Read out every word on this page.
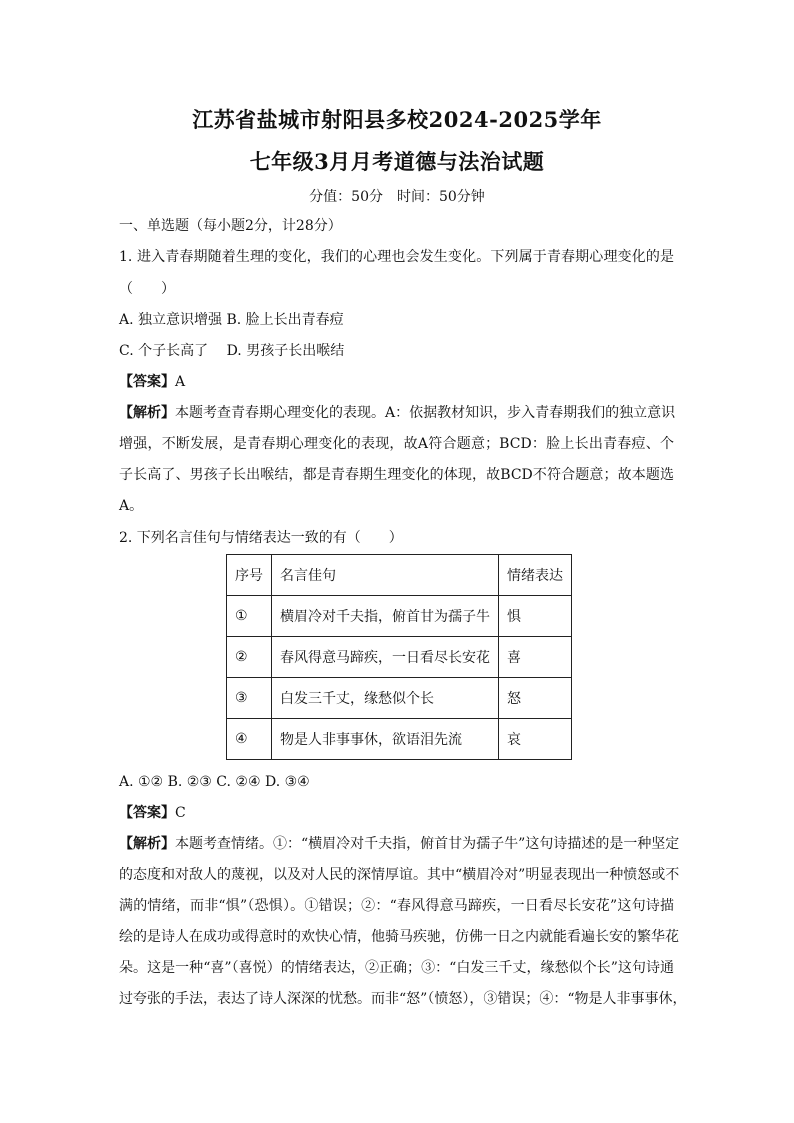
江苏省盐城市射阳县多校2024-2025学年
七年级3月月考道德与法治试题
分值：50分　时间：50分钟
一、单选题（每小题2分，计28分）
1. 进入青春期随着生理的变化，我们的心理也会发生变化。下列属于青春期心理变化的是
（　　）
A. 独立意识增强 B. 脸上长出青春痘
C. 个子长高了　 D. 男孩子长出喉结
【答案】A
【解析】本题考查青春期心理变化的表现。A：依据教材知识，步入青春期我们的独立意识
增强，不断发展，是青春期心理变化的表现，故A符合题意；BCD：脸上长出青春痘、个
子长高了、男孩子长出喉结，都是青春期生理变化的体现，故BCD不符合题意；故本题选
A。
2. 下列名言佳句与情绪表达一致的有（　　）
序号	名言佳句	情绪表达
①	横眉冷对千夫指，俯首甘为孺子牛	惧
②	春风得意马蹄疾，一日看尽长安花	喜
③	白发三千丈，缘愁似个长	怒
④	物是人非事事休，欲语泪先流	哀
A. ①② B. ②③ C. ②④ D. ③④
【答案】C
【解析】本题考查情绪。①：“横眉冷对千夫指，俯首甘为孺子牛”这句诗描述的是一种坚定
的态度和对敌人的蔑视，以及对人民的深情厚谊。其中“横眉冷对”明显表现出一种愤怒或不
满的情绪，而非“惧”（恐惧）。①错误；②：“春风得意马蹄疾，一日看尽长安花”这句诗描
绘的是诗人在成功或得意时的欢快心情，他骑马疾驰，仿佛一日之内就能看遍长安的繁华花
朵。这是一种“喜”（喜悦）的情绪表达，②正确；③：“白发三千丈，缘愁似个长”这句诗通
过夸张的手法，表达了诗人深深的忧愁。而非“怒”（愤怒），③错误；④：“物是人非事事休，
